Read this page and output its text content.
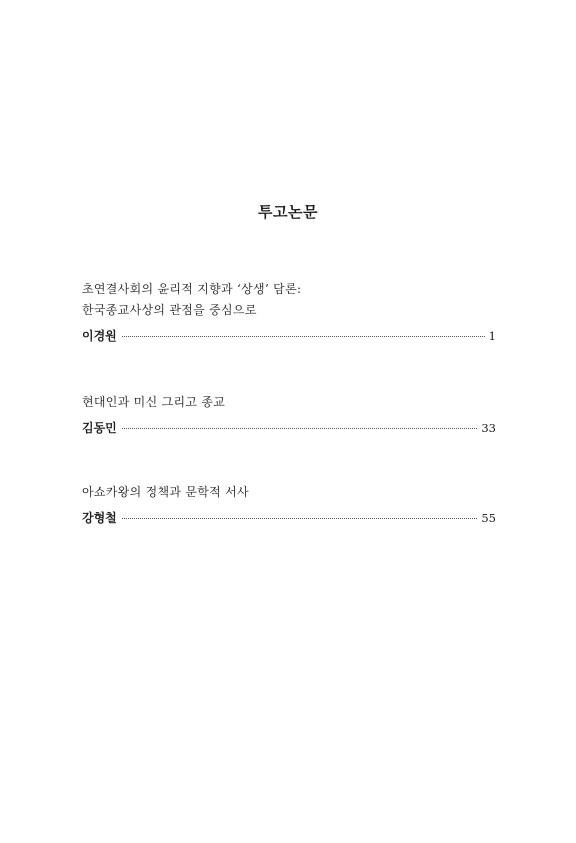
투고논문

초연결사회의 윤리적 지향과 ‘상생’ 담론:

한국종교사상의 관점을 중심으로

이경원	1

현대인과 미신 그리고 종교

김동민	33

아쇼카왕의 정책과 문학적 서사

강형철	55
